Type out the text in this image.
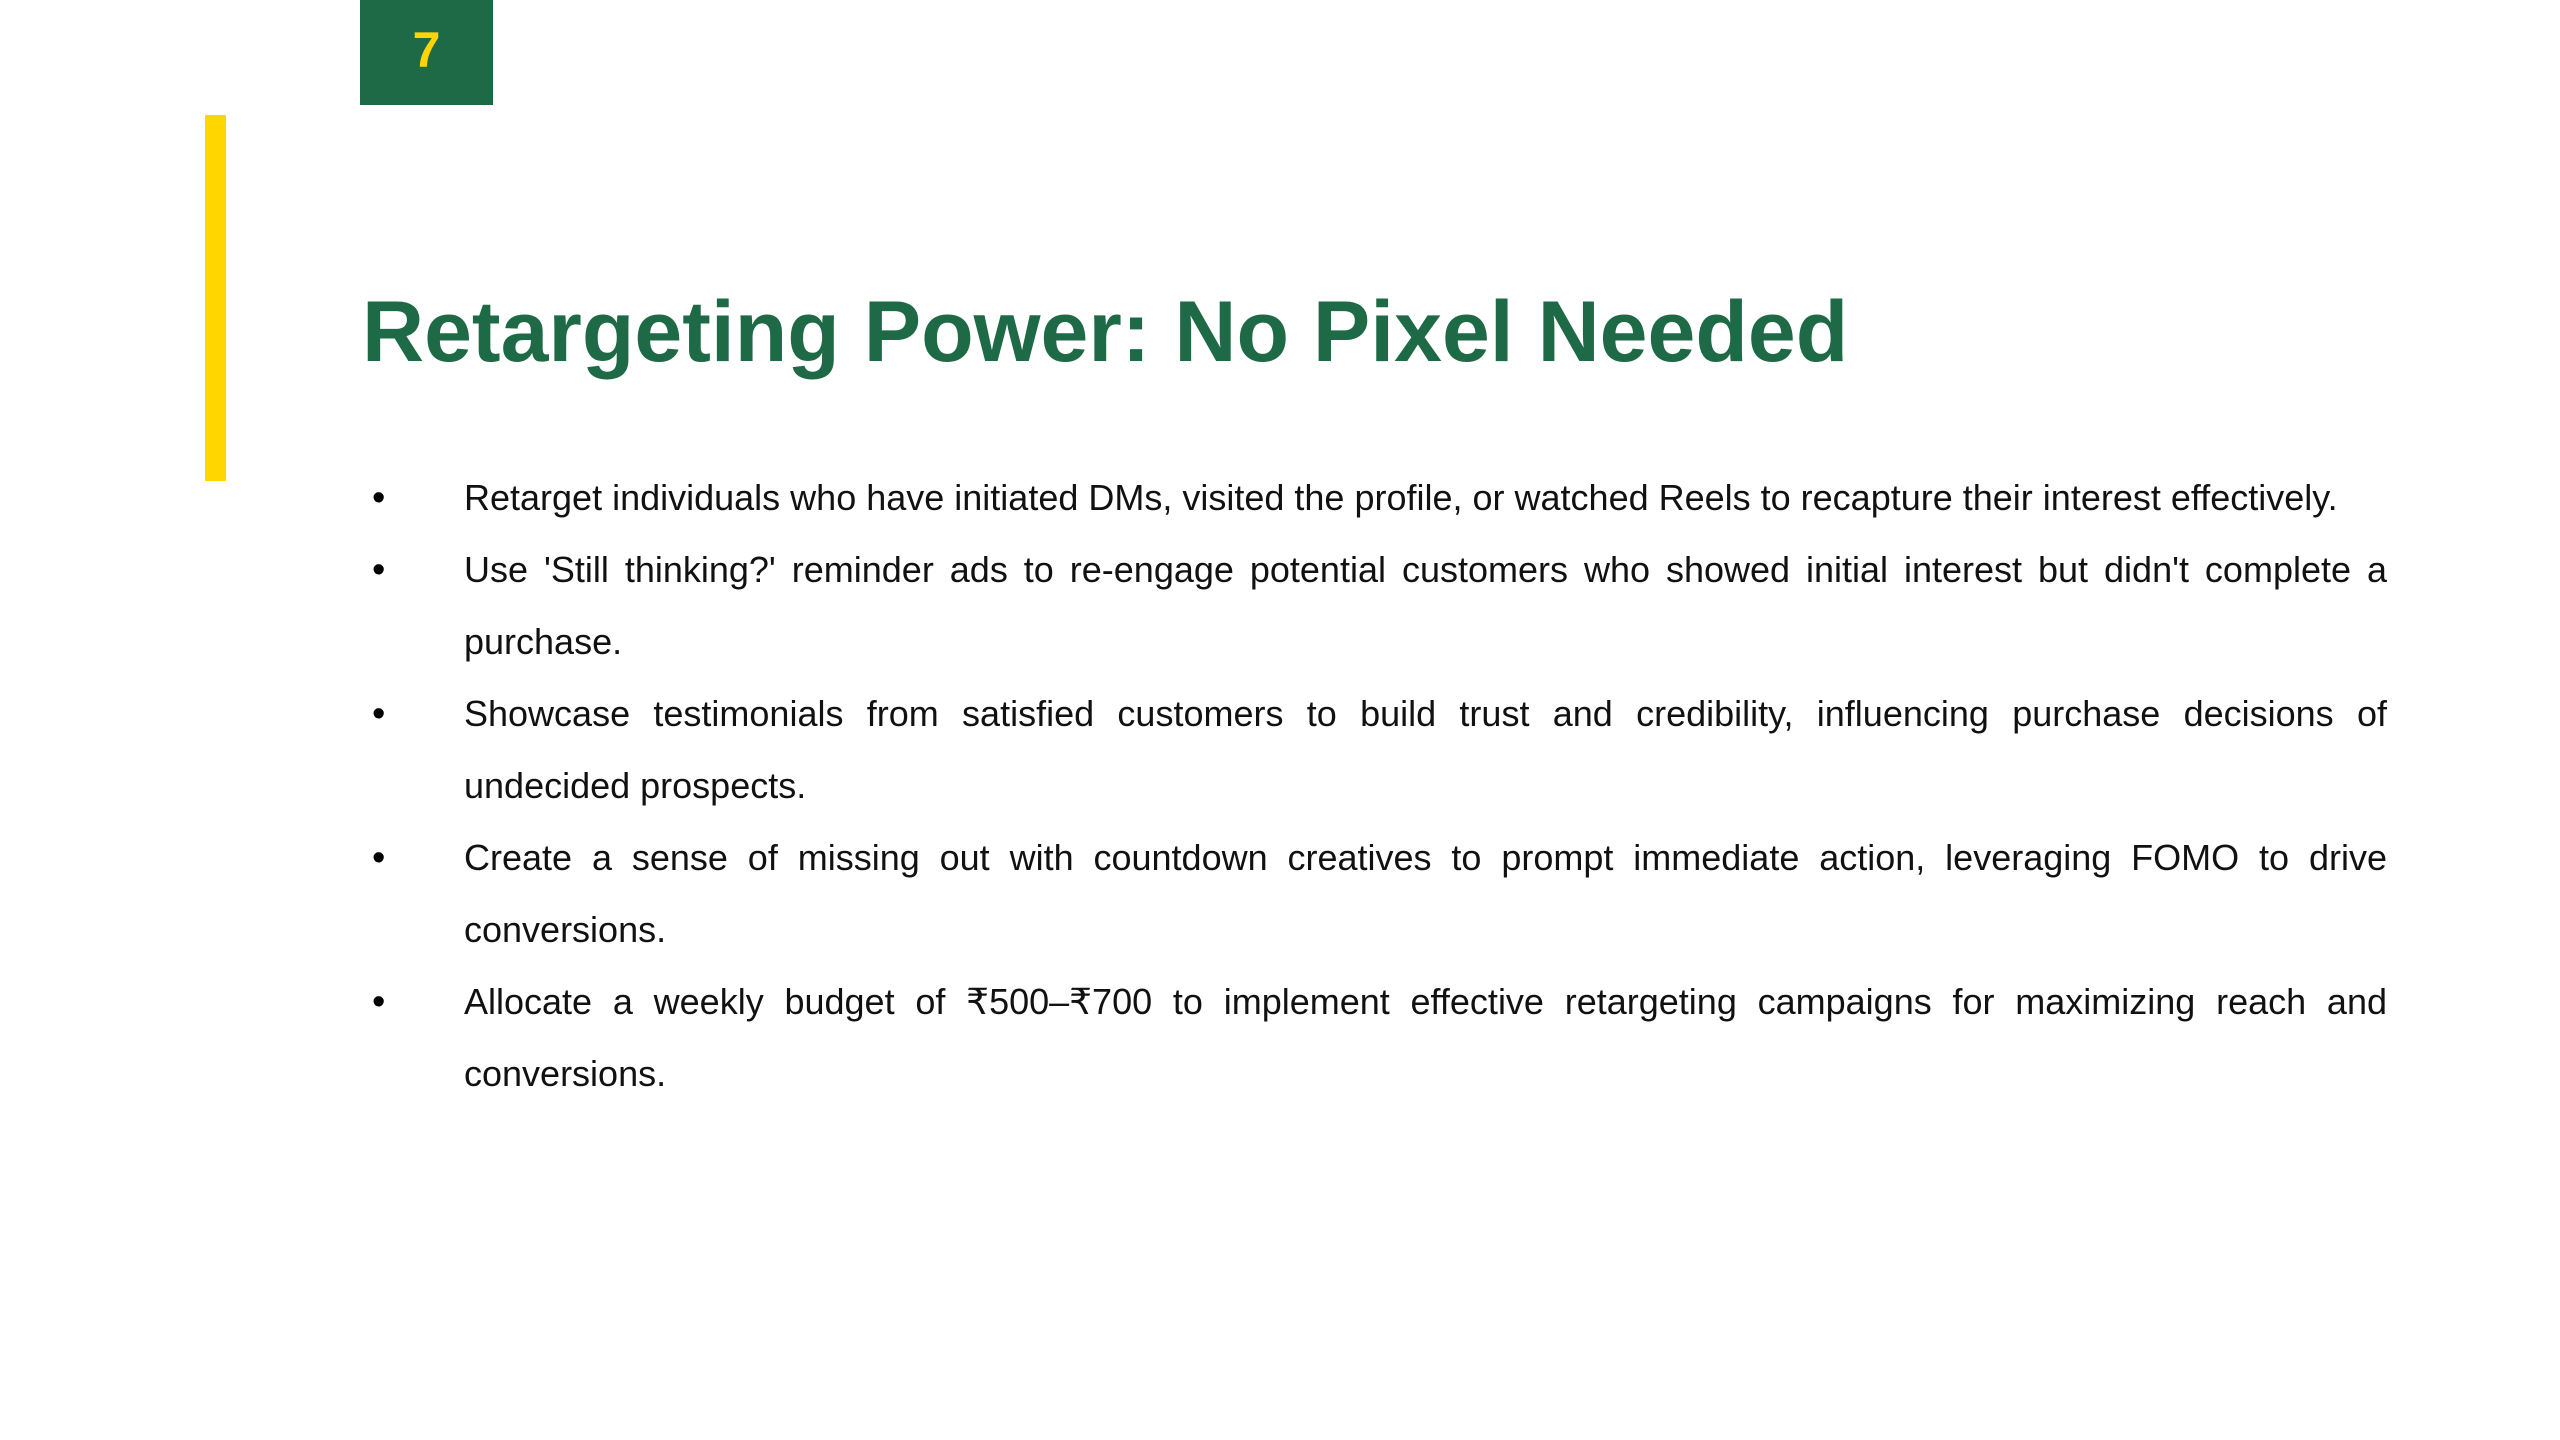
7
Retargeting Power: No Pixel Needed
• Retarget individuals who have initiated DMs, visited the profile, or watched Reels to recapture their interest effectively.
• Use 'Still thinking?' reminder ads to re-engage potential customers who showed initial interest but didn't complete a purchase.
• Showcase testimonials from satisfied customers to build trust and credibility, influencing purchase decisions of undecided prospects.
• Create a sense of missing out with countdown creatives to prompt immediate action, leveraging FOMO to drive conversions.
• Allocate a weekly budget of ₹500–₹700 to implement effective retargeting campaigns for maximizing reach and conversions.
